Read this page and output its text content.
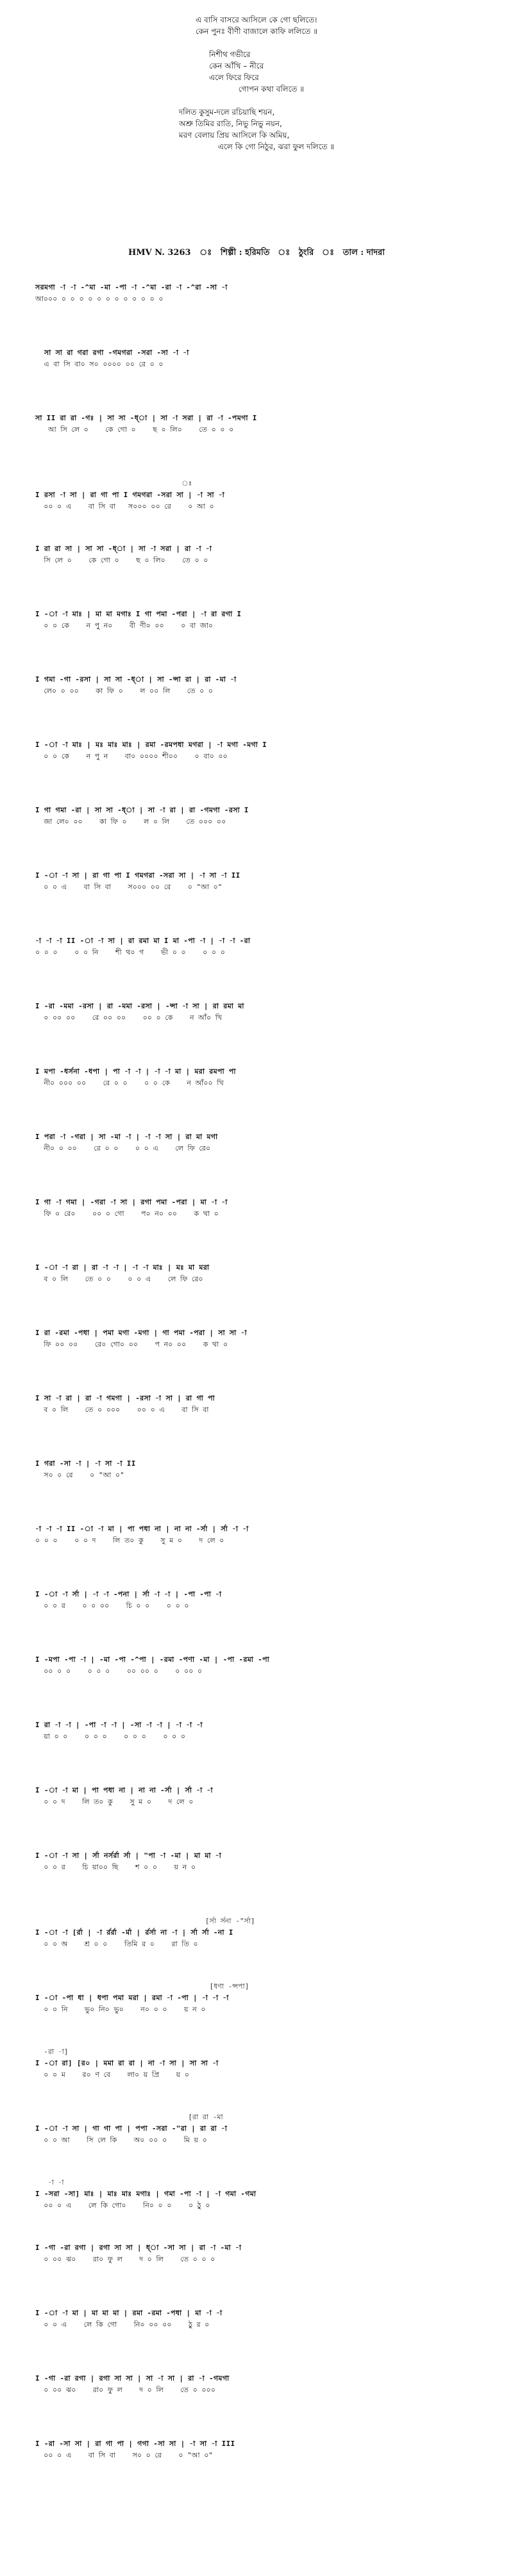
এ বাসি বাসরে আসিলে কে গো ছলিতে।
কেন পুনঃ বীণী বাজালে কাফি ললিতে ॥

নিশীথ গভীরে
কেন আঁখি – নীরে
এলে ফিরে ফিরে
গোপন কথা বলিতে ॥

দলিত কুসুম-দলে রচিয়াছি শয়ন,
অশ্রু তিমির রাতি, নিভু নিভু নয়ন,
মরণ বেলায় প্রিয় আসিলে কি অমিয়,
এলে কি গো নিঠুর, ঝরা ফুল দলিতে ॥
HMV N. 3263 ঃ শিল্পী : হরিমতি	ঠুংরি	তাল : দাদরা
সরমগা -া -া -^মা -মা -পা -া -^মা -রা -া -^রা -সা -া
আ০০০ ০ ০ ০ ০ ০ ০ ০ ০ ০ ০ ০ ০
সা সা রা গরা রগা -গমগরা -সরা -সা -া -া
এ বা সি বা০ স০ ০০০০ ০০ রে ০ ০
সা II রা রা -গঃ | সা সা -ধ্া | সা -া সরা | রা -া -পমগা I
আ সি লে ০    কে গো ০    ছ ০ লি০    তে ০ ০ ০
ঃ
I রসা -া সা | রা গা পা I গমগরা -সরা সা | -া সা -া
০০ ০ এ    বা সি বা   স০০০ ০০ রে    ০ আ ০
I রা রা সা | সা সা -ধ্া | সা -া সরা | রা -া -া
সি লে ০    কে গো ০    ছ ০ লি০    তে ০ ০
I -া -া মাঃ | মা মা মগাঃ I গা পমা -পরা | -া রা রগা I
০ ০ কে    ন পু ন০    বী ণী০ ০০    ০ বা জা০
I গমা -গা -রসা | সা সা -ধ্া | সা -ন্সা রা | রা -মা -া
লে০ ০ ০০    কা ফি ০    ল ০০ লি    তে ০ ০
I -া -া মাঃ | মঃ মাঃ মাঃ | রমা -রমপধা মগরা | -া মগা -মগা I
০ ০ কে    ন পু ন    বা০ ০০০০ শী০০    ০ বা০ ০০
I গা গমা -রা | সা সা -ধ্া | সা -া রা | রা -গমগা -রসা I
জা লে০ ০০    কা ফি ০    ল ০ লি    তে ০০০ ০০
I -া -া সা | রা গা পা I গমগরা -সরা সা | -া সা -া II
০ ০ এ    বা সি বা    স০০০ ০০ রে    ০ "আ ০"
-া -া -া II -া -া সা | রা রমা মা I মা -পা -া | -া -া -রা
০ ০ ০    ০ ০ নি    শী থ০ গ    ভী ০ ০    ০ ০ ০
I -রা -মমা -রসা | রা -মমা -রসা | -ন্সা -া সা | রা রমা মা
০ ০০ ০০    রে ০০ ০০    ০০ ০ কে    ন আঁ০ খি
I মপা -ধর্সনা -ধপা | পা -া -া | -া -া মা | মরা রমপা পা
নী০ ০০০ ০০    রে ০ ০    ০ ০ কে    ন আঁ০০ খি
I পরা -া -গরা | সা -মা -া | -া -া সা | রা মা মগা
নী০ ০ ০০    রে ০ ০    ০ ০ এ    লে ফি রে০
I গা -া গমা | -গরা -া সা | রগা পমা -পরা | মা -া -া
ফি ০ রে০    ০০ ০ গো    প০ ন০ ০০    ক থা ০
I -া -া রা | রা -া -া | -া -া মাঃ | মঃ মা মরা
ব ০ লি    তে ০ ০    ০ ০ এ    লে ফি রে০
I রা -রমা -পধা | পমা মগা -মগা | গা পমা -পরা | সা সা -া
ফি ০০ ০০    রে০ গো০ ০০    প ন০ ০০    ক থা ০
I সা -া রা | রা -া গমগা | -রসা -া সা | রা গা পা
ব ০ লি    তে ০ ০০০    ০০ ০ এ    বা সি বা
I গরা -সা -া | -া সা -া II
স০ ০ রে    ০ "আ ০"
-া -া -া II -া -া মা | পা পধা না | না না -র্সা | র্সা -া -া
০ ০ ০    ০ ০ দ    লি ত০ কু    সু ম ০    দ লে ০
I -া -া র্সা | -া -া -পনা | র্সা -া -া | -পা -পা -া
০ ০ র    ০ ০ ০০    চি ০ ০    ০ ০ ০
I -মপা -পা -া | -মা -পা -^পা | -রমা -পণা -মা | -পা -রমা -পা
০০ ০ ০    ০ ০ ০    ০০ ০০ ০    ০ ০০ ০
I রা -া -া | -পা -া -া | -সা -া -া | -া -া -া
য়া ০ ০    ০ ০ ০    ০ ০ ০    ০ ০ ০
I -া -া মা | পা পধা না | না না -র্সা | র্সা -া -া
০ ০ দ    লি ত০ কু    সু ম ০    দ লে ০
I -া -া সা | র্সা নর্সর্রা র্সা | "পা -া -মা | মা মা -া
০ ০ র    চি য়া০০ ছি    শ ০ ০    য় ন ০
[র্সা র্সনা -"র্সা]
I -া -া [র্রা | -া র্রর্রা -র্মা | র্রর্সা না -া | র্সা র্সা -না I
০ ০ অ    শ্র ০ ০    তিমি র ০    রা তি ০
[ধণা -ন্সপা]
I -া -পা ধা | ধপা পমা মরা | রমা -া -পা | -া -া -া
০ ০ নি    ভু০ নি০ ভু০    ন০ ০ ০    য় ন ০
-রা -া]
I -া রা] [র০ | মমা রা রা | না -া সা | সা সা -া
০ ০ ম    র০ ণ বে    লা০ য় প্রি    য় ০
[রা রা -মা
I -া -া সা | গা গা পা | পপা -সরা -"রা | রা রা -া
০ ০ আ    সি লে কি    অ০ ০০ ০    মি য় ০
-া -া
I -সরা -সা] মাঃ | মাঃ মাঃ মগাঃ | গমা -পা -া | -া গমা -গমা
০০ ০ এ    লে কি গো০    নি০ ০ ০    ০ ঠু ০
I -গা -রা রগা | রগা সা সা | ধ্া -সা সা | রা -া -মা -া
০ ০০ ঝ০    রা০ ফু ল    দ ০ লি    তে ০ ০ ০
I -া -া মা | মা মা মা | রমা -রমা -পধা | মা -া -া
০ ০ এ    লে কি গো    নি০ ০০ ০০    ঠু র ০
I -গা -রা রগা | রগা সা সা | সা -া সা | রা -া -গমগা
০ ০০ ঝ০    রা০ ফু ল    দ ০ লি    তে ০ ০০০
I -রা -সা সা | রা গা পা | গগা -সা সা | -া সা -া III
০০ ০ এ    বা সি বা    স০ ০ রে    ০ "আ ০"
